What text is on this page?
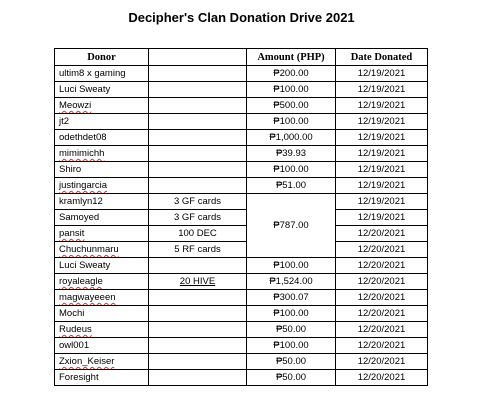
Decipher's Clan Donation Drive 2021
Donor		Amount (PHP)	Date Donated
ultim8 x gaming		₱200.00	12/19/2021
Luci Sweaty		₱100.00	12/19/2021
Meowzi		₱500.00	12/19/2021
jt2		₱100.00	12/19/2021
odethdet08		₱1,000.00	12/19/2021
mimimichh		₱39.93	12/19/2021
Shiro		₱100.00	12/19/2021
justingarcia		₱51.00	12/19/2021
kramlyn12	3 GF cards	₱787.00	12/19/2021
Samoyed	3 GF cards		12/19/2021
pansit	100 DEC		12/20/2021
Chuchunmaru	5 RF cards		12/20/2021
Luci Sweaty		₱100.00	12/20/2021
royaleagle	20 HIVE	₱1,524.00	12/20/2021
magwayeeen		₱300.07	12/20/2021
Mochi		₱100.00	12/20/2021
Rudeus		₱50.00	12/20/2021
owl001		₱100.00	12/20/2021
Zxion_Keiser		₱50.00	12/20/2021
Foresight		₱50.00	12/20/2021
